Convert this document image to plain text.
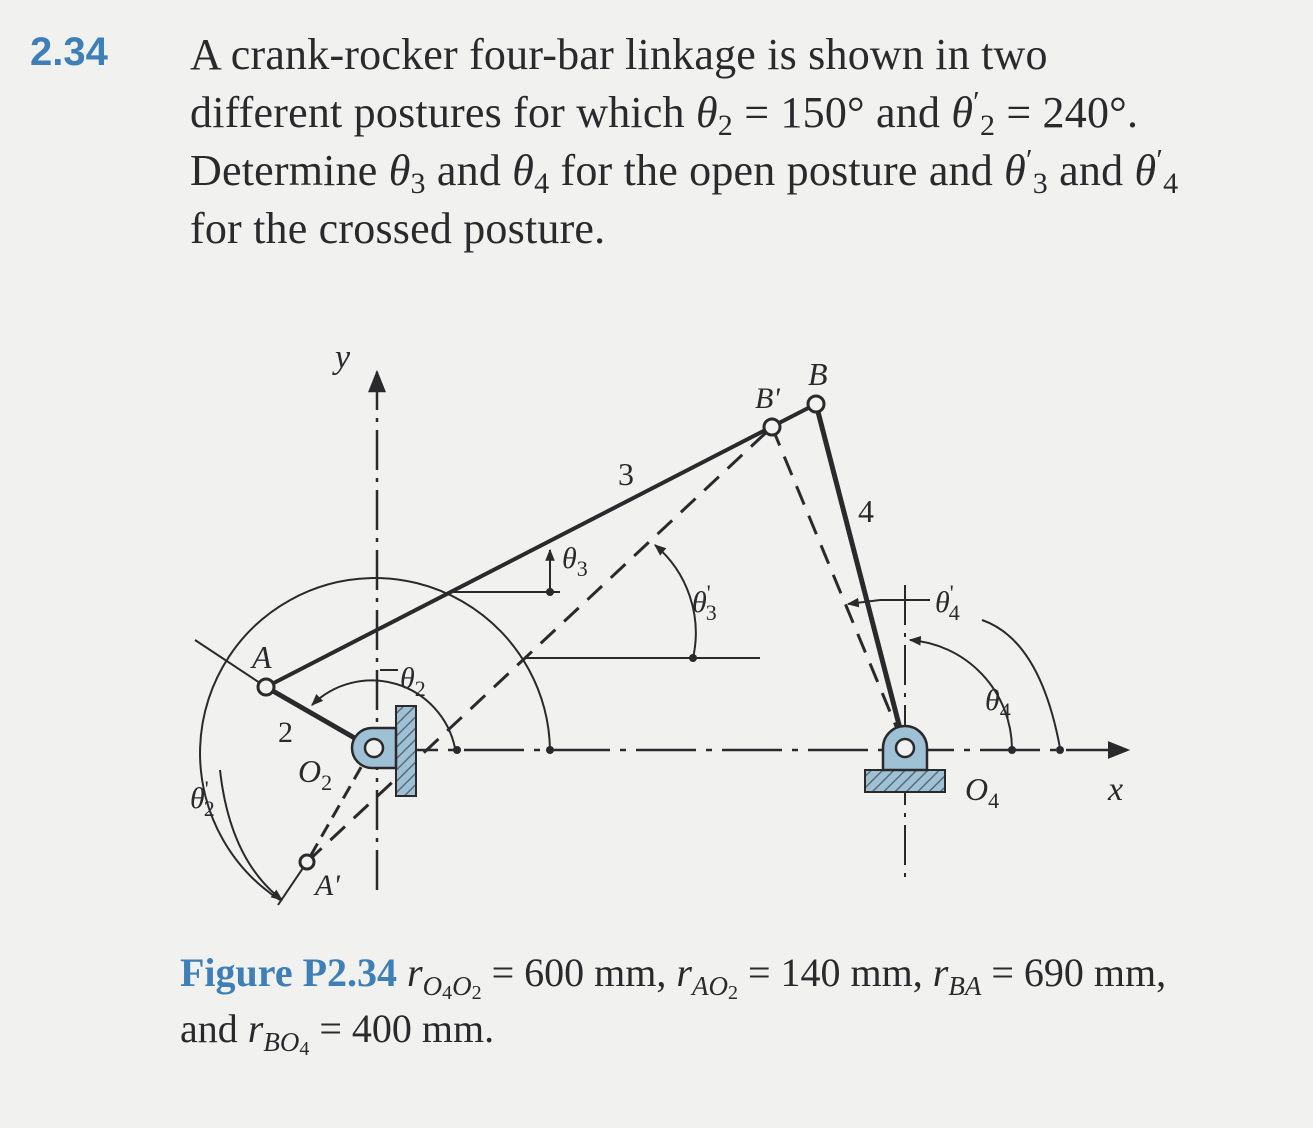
2.34 A crank-rocker four-bar linkage is shown in two different postures for which $\theta_2 = 150^\circ$ and $\theta'_2 = 240^\circ$. Determine $\theta_3$ and $\theta_4$ for the open posture and $\theta'_3$ and $\theta'_4$ for the crossed posture.
y
x
$\theta_3$
θ' 3
$\theta_2$
θ' 2
θ' 4
$\theta_4$
A
A'
B
B'
$O_2$	$O_4$
2
3
4
Figure P2.34 $r_{O_4O_2} = 600$ mm, $r_{AO_2} = 140$ mm, $r_{BA} = 690$ mm, and $r_{BO_4} = 400$ mm.
